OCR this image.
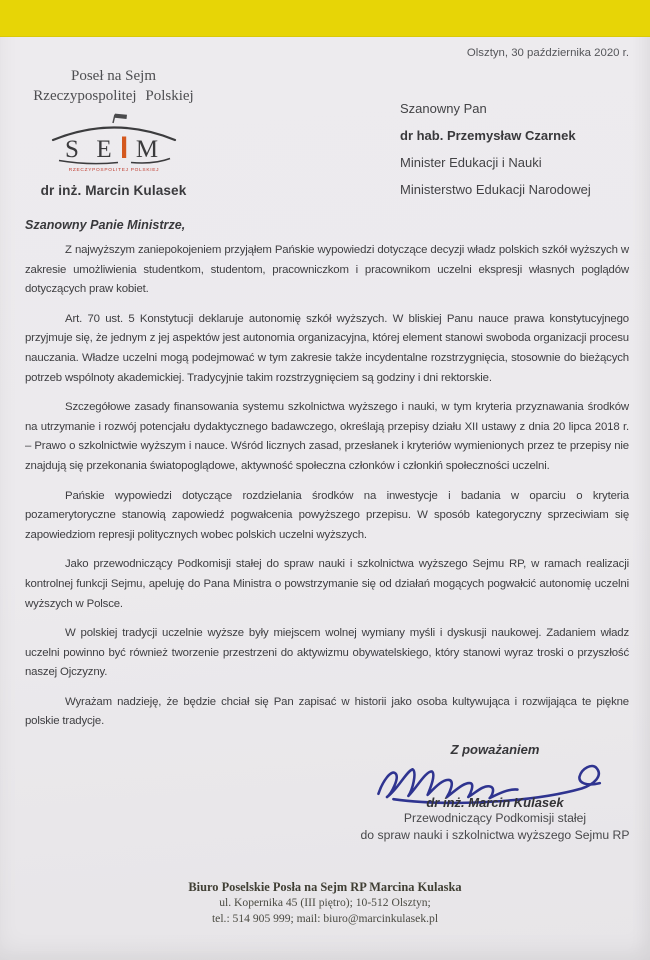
Olsztyn, 30 października 2020 r.
Poseł na Sejm
Rzeczypospolitej Polskiej
S E M
RZECZYPOSPOLITEJ POLSKIEJ
dr inż. Marcin Kulasek
Szanowny Pan
dr hab. Przemysław Czarnek
Minister Edukacji i Nauki
Ministerstwo Edukacji Narodowej
Szanowny Panie Ministrze,

Z najwyższym zaniepokojeniem przyjąłem Pańskie wypowiedzi dotyczące decyzji władz polskich szkół wyższych w zakresie umożliwienia studentkom, studentom, pracowniczkom i pracownikom uczelni ekspresji własnych poglądów dotyczących praw kobiet.

Art. 70 ust. 5 Konstytucji deklaruje autonomię szkół wyższych. W bliskiej Panu nauce prawa konstytucyjnego przyjmuje się, że jednym z jej aspektów jest autonomia organizacyjna, której element stanowi swoboda organizacji procesu nauczania. Władze uczelni mogą podejmować w tym zakresie także incydentalne rozstrzygnięcia, stosownie do bieżących potrzeb wspólnoty akademickiej. Tradycyjnie takim rozstrzygnięciem są godziny i dni rektorskie.

Szczegółowe zasady finansowania systemu szkolnictwa wyższego i nauki, w tym kryteria przyznawania środków na utrzymanie i rozwój potencjału dydaktycznego badawczego, określają przepisy działu XII ustawy z dnia 20 lipca 2018 r. – Prawo o szkolnictwie wyższym i nauce. Wśród licznych zasad, przesłanek i kryteriów wymienionych przez te przepisy nie znajdują się przekonania światopoglądowe, aktywność społeczna członków i członkiń społeczności uczelni.

Pańskie wypowiedzi dotyczące rozdzielania środków na inwestycje i badania w oparciu o kryteria pozamerytoryczne stanowią zapowiedź pogwałcenia powyższego przepisu. W sposób kategoryczny sprzeciwiam się zapowiedziom represji politycznych wobec polskich uczelni wyższych.

Jako przewodniczący Podkomisji stałej do spraw nauki i szkolnictwa wyższego Sejmu RP, w ramach realizacji kontrolnej funkcji Sejmu, apeluję do Pana Ministra o powstrzymanie się od działań mogących pogwałcić autonomię uczelni wyższych w Polsce.

W polskiej tradycji uczelnie wyższe były miejscem wolnej wymiany myśli i dyskusji naukowej. Zadaniem władz uczelni powinno być również tworzenie przestrzeni do aktywizmu obywatelskiego, który stanowi wyraz troski o przyszłość naszej Ojczyzny.

Wyrażam nadzieję, że będzie chciał się Pan zapisać w historii jako osoba kultywująca i rozwijająca te piękne polskie tradycje.

Z poważaniem
dr inż. Marcin Kulasek
Przewodniczący Podkomisji stałej
do spraw nauki i szkolnictwa wyższego Sejmu RP
Biuro Poselskie Posła na Sejm RP Marcina Kulaska
ul. Kopernika 45 (III piętro); 10-512 Olsztyn;
tel.: 514 905 999; mail: biuro@marcinkulasek.pl
